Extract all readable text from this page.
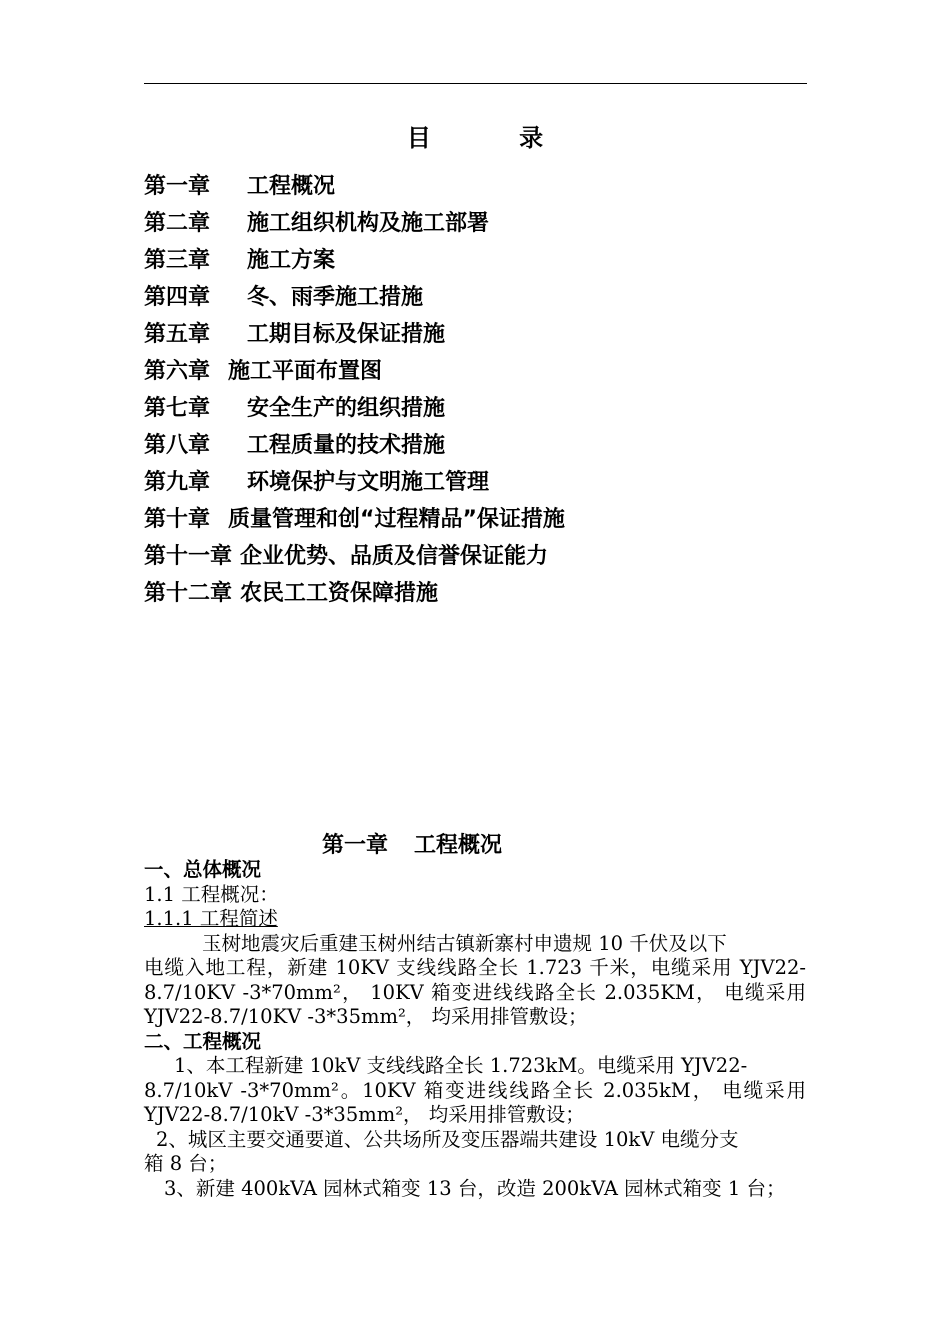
目 录
第一章 工程概况
第二章 施工组织机构及施工部署
第三章 施工方案
第四章 冬、雨季施工措施
第五章 工期目标及保证措施
第六章 施工平面布置图
第七章 安全生产的组织措施
第八章 工程质量的技术措施
第九章 环境保护与文明施工管理
第十章 质量管理和创“过程精品”保证措施
第十一章 企业优势、品质及信誉保证能力
第十二章 农民工工资保障措施
第一章 工程概况
一、总体概况
1.1 工程概况：
1.1.1 工程简述
玉树地震灾后重建玉树州结古镇新寨村申遗规 10 千伏及以下
电缆入地工程，新建 10KV 支线线路全长 1.723 千米，电缆采用 YJV22-
8.7/10KV -3*70mm²， 10KV 箱变进线线路全长 2.035KM， 电缆采用
YJV22-8.7/10KV -3*35mm²， 均采用排管敷设；
二、工程概况
1、本工程新建 10kV 支线线路全长 1.723kM。电缆采用 YJV22-
8.7/10kV -3*70mm²。10KV 箱变进线线路全长 2.035kM， 电缆采用
YJV22-8.7/10kV -3*35mm²， 均采用排管敷设；
2、城区主要交通要道、公共场所及变压器端共建设 10kV 电缆分支
箱 8 台；
3、新建 400kVA 园林式箱变 13 台，改造 200kVA 园林式箱变 1 台；
